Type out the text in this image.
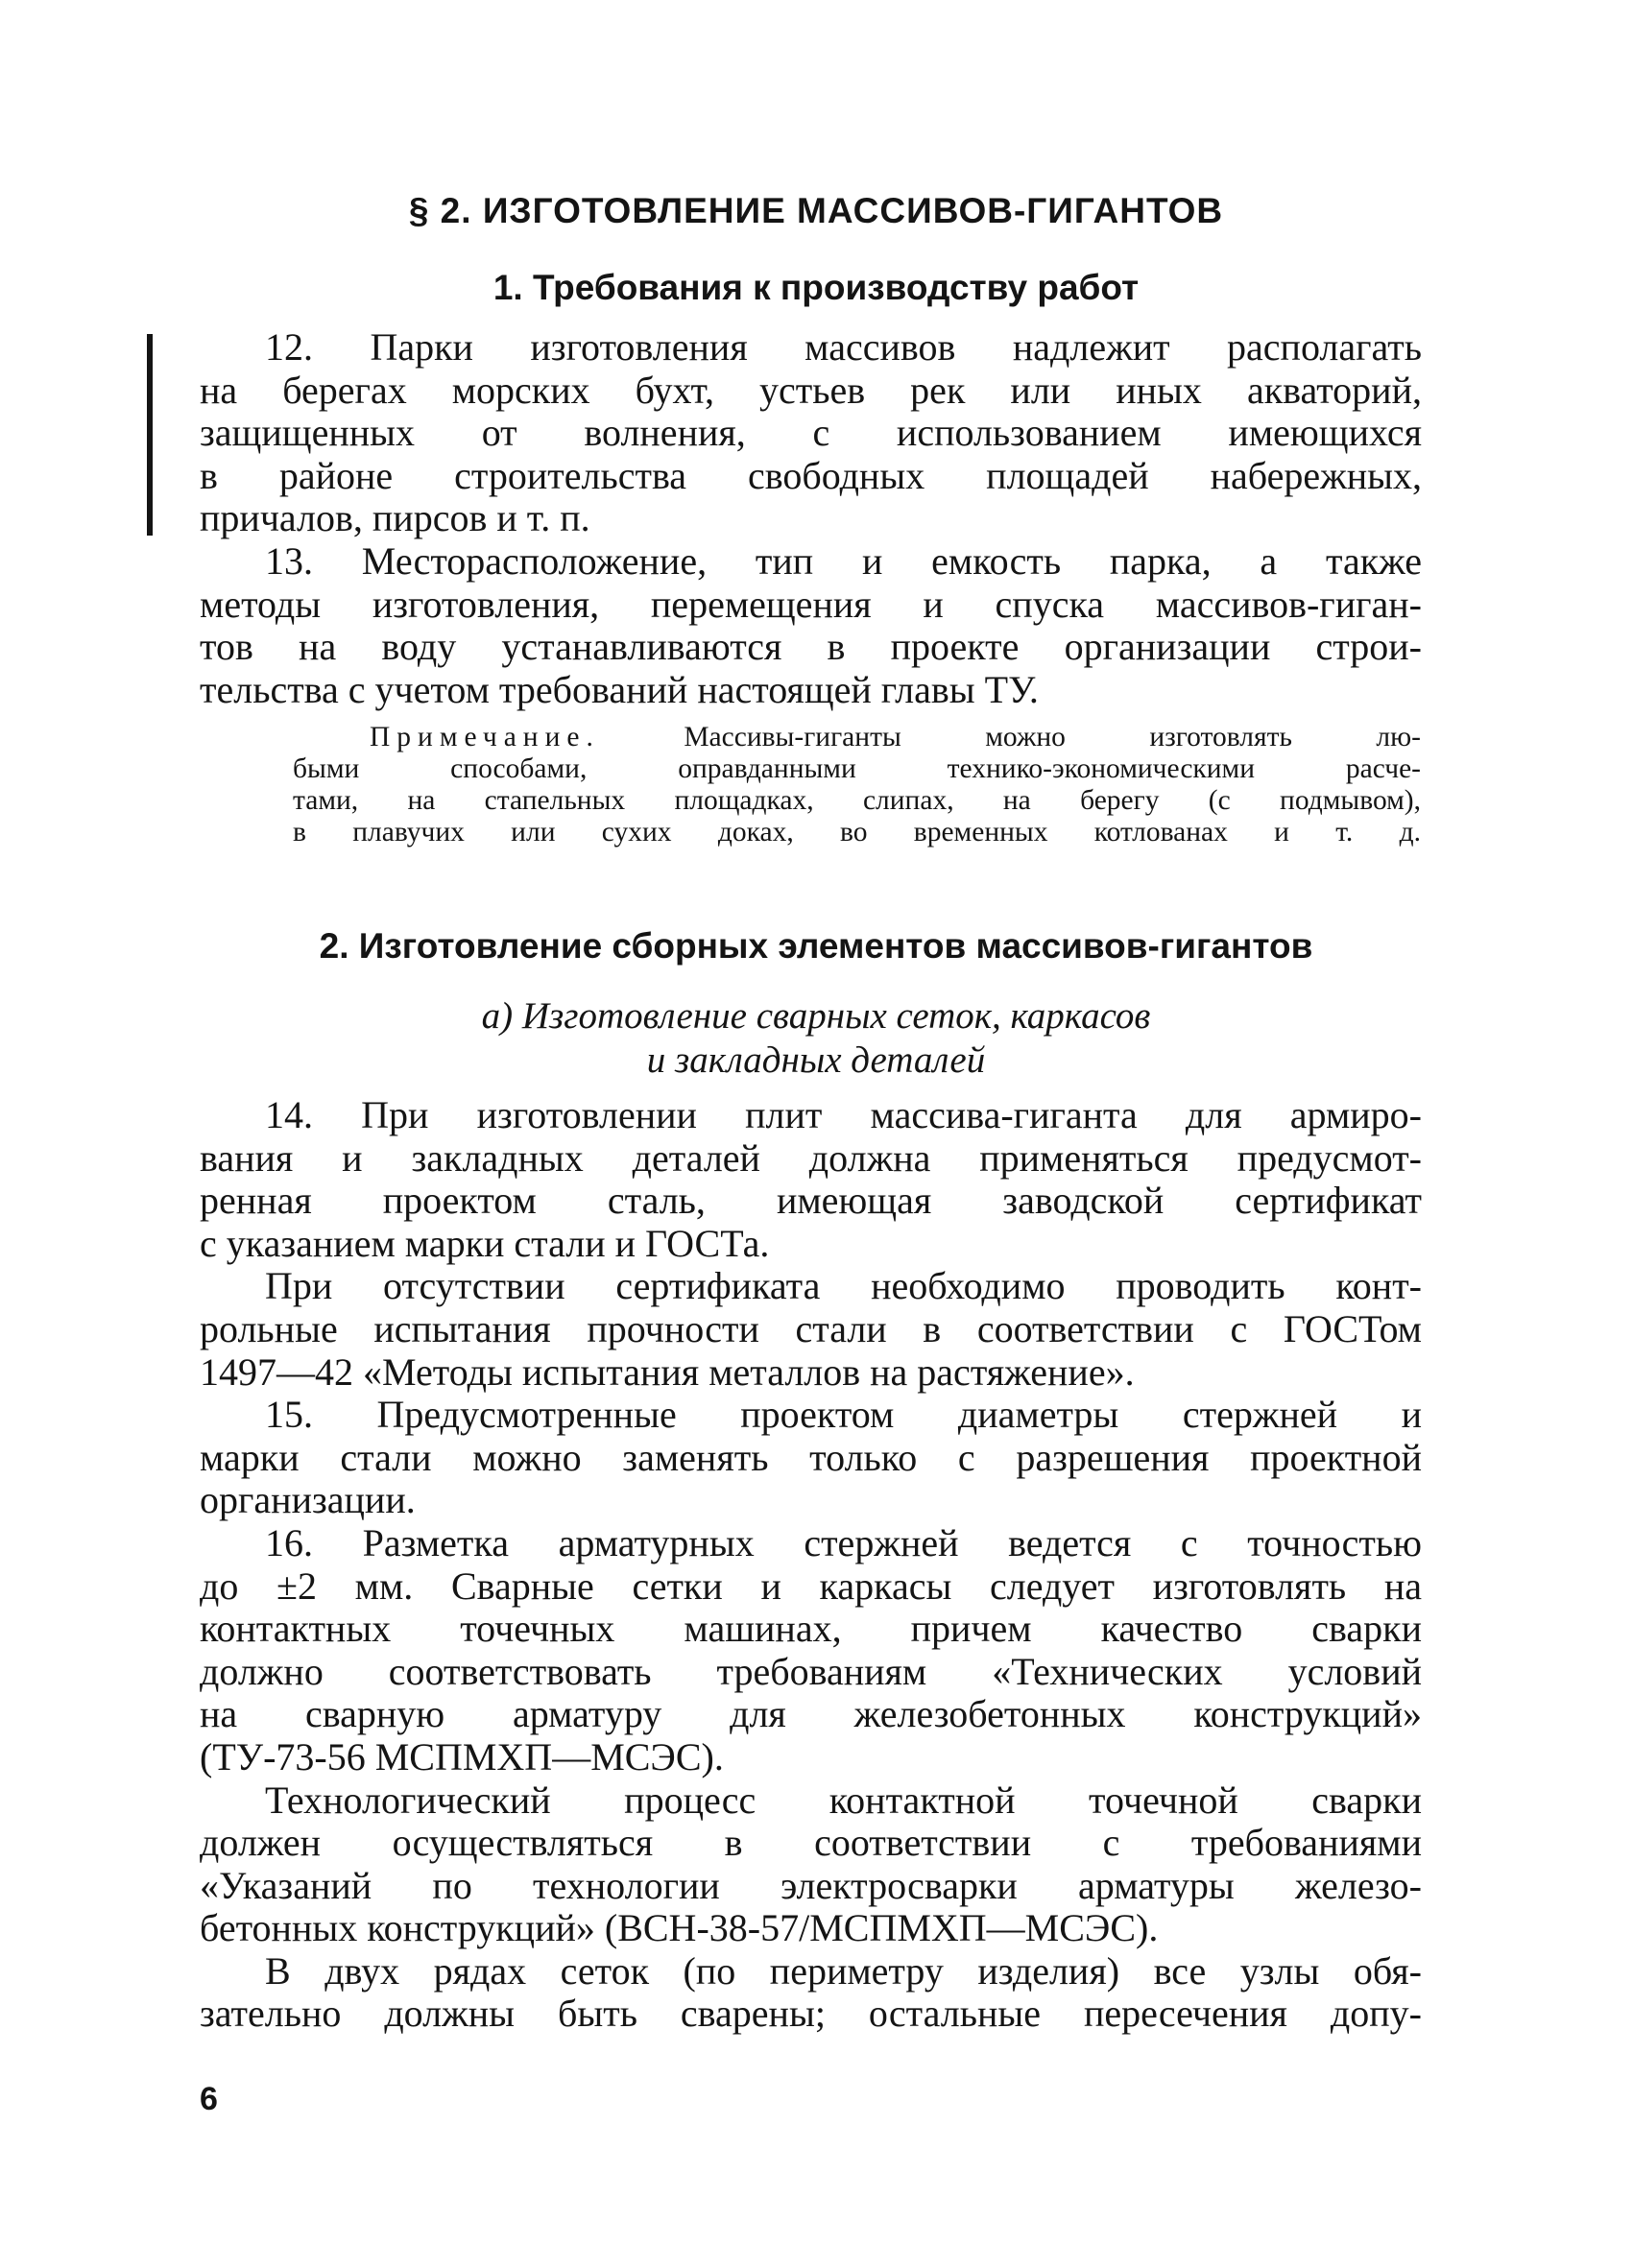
§ 2. ИЗГОТОВЛЕНИЕ МАССИВОВ-ГИГАНТОВ
1. Требования к производству работ
12. Парки изготовления массивов надлежит располагать
на берегах морских бухт, устьев рек или иных акваторий,
защищенных от волнения, с использованием имеющихся
в районе строительства свободных площадей набережных,
причалов, пирсов и т. п.
13. Месторасположение, тип и емкость парка, а также
методы изготовления, перемещения и спуска массивов-гиган-
тов на воду устанавливаются в проекте организации строи-
тельства с учетом требований настоящей главы ТУ.
Примечание.	Массивы-гиганты можно изготовлять лю-
быми способами, оправданными технико-экономическими расче-
тами, на стапельных площадках, слипах, на берегу (с подмывом),
в плавучих или сухих доках, во временных котлованах и т. д.
2. Изготовление сборных элементов массивов-гигантов
а) Изготовление сварных сеток, каркасов
и закладных деталей
14. При изготовлении плит массива-гиганта для армиро-
вания и закладных деталей должна применяться предусмот-
ренная проектом сталь, имеющая заводской сертификат
с указанием марки стали и ГОСТа.
При отсутствии сертификата необходимо проводить конт-
рольные испытания прочности стали в соответствии с ГОСТом
1497—42 «Методы испытания металлов на растяжение».
15. Предусмотренные проектом диаметры стержней и
марки стали можно заменять только с разрешения проектной
организации.
16. Разметка арматурных стержней ведется с точностью
до ±2 мм. Сварные сетки и каркасы следует изготовлять на
контактных точечных машинах, причем качество сварки
должно соответствовать требованиям «Технических условий
на сварную арматуру для железобетонных конструкций»
(ТУ-73-56 МСПМХП—МСЭС).
Технологический процесс контактной точечной сварки
должен осуществляться в соответствии с требованиями
«Указаний по технологии электросварки арматуры железо-
бетонных конструкций» (ВСН-38-57/МСПМХП—МСЭС).
В двух рядах сеток (по периметру изделия) все узлы обя-
зательно должны быть сварены; остальные пересечения допу-
6
